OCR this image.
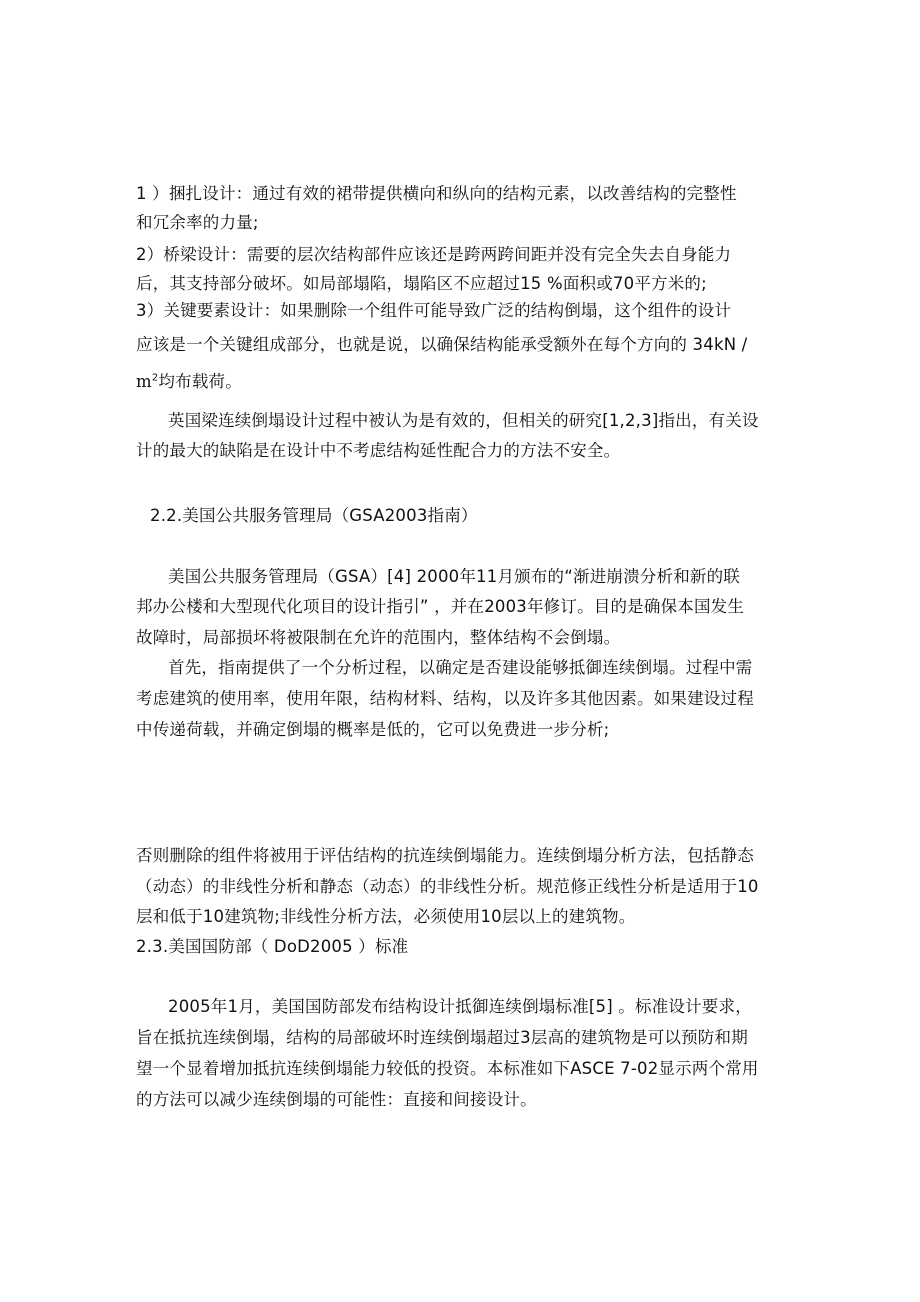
1 ）捆扎设计：通过有效的裙带提供横向和纵向的结构元素，以改善结构的完整性
和冗余率的力量;
2）桥梁设计：需要的层次结构部件应该还是跨两跨间距并没有完全失去自身能力
后，其支持部分破坏。如局部塌陷，塌陷区不应超过15 %面积或70平方米的;
3）关键要素设计：如果删除一个组件可能导致广泛的结构倒塌，这个组件的设计
应该是一个关键组成部分，也就是说，以确保结构能承受额外在每个方向的 34kN /
$m^2$均布载荷。
英国梁连续倒塌设计过程中被认为是有效的，但相关的研究[1,2,3]指出，有关设
计的最大的缺陷是在设计中不考虑结构延性配合力的方法不安全。
2.2.美国公共服务管理局（GSA2003指南）
美国公共服务管理局（GSA）[4] 2000年11月颁布的“渐进崩溃分析和新的联
邦办公楼和大型现代化项目的设计指引” ，并在2003年修订。目的是确保本国发生
故障时，局部损坏将被限制在允许的范围内，整体结构不会倒塌。
首先，指南提供了一个分析过程，以确定是否建设能够抵御连续倒塌。过程中需
考虑建筑的使用率，使用年限，结构材料、结构，以及许多其他因素。如果建设过程
中传递荷载，并确定倒塌的概率是低的，它可以免费进一步分析;
否则删除的组件将被用于评估结构的抗连续倒塌能力。连续倒塌分析方法，包括静态
（动态）的非线性分析和静态（动态）的非线性分析。规范修正线性分析是适用于10
层和低于10建筑物;非线性分析方法，必须使用10层以上的建筑物。
2.3.美国国防部（ DoD2005 ）标准
2005年1月，美国国防部发布结构设计抵御连续倒塌标准[5] 。标准设计要求，
旨在抵抗连续倒塌，结构的局部破坏时连续倒塌超过3层高的建筑物是可以预防和期
望一个显着增加抵抗连续倒塌能力较低的投资。本标准如下ASCE 7-02显示两个常用
的方法可以减少连续倒塌的可能性：直接和间接设计。
